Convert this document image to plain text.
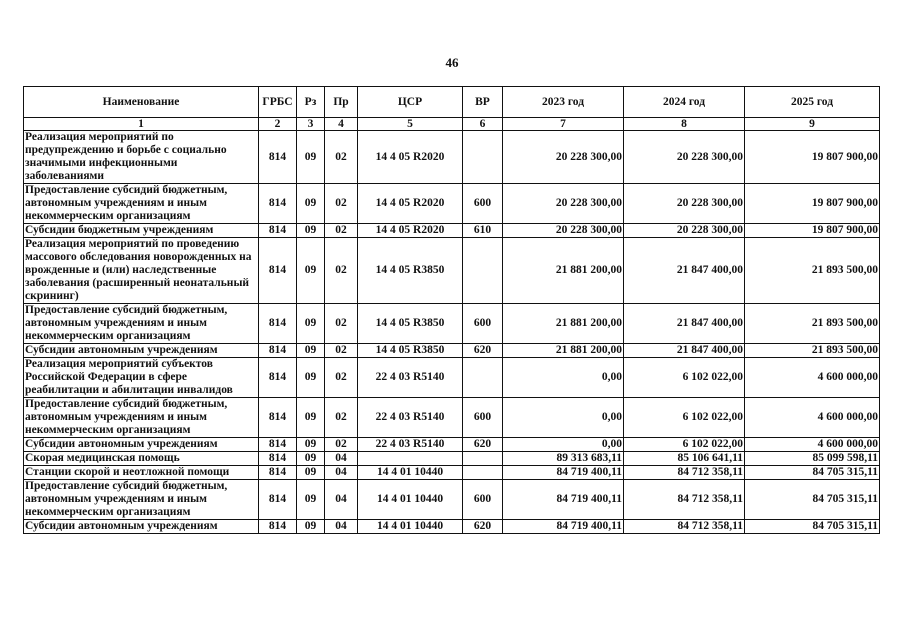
46
Наименование	ГРБС	Рз	Пр	ЦСР	ВР	2023 год	2024 год	2025 год
1	2	3	4	5	6	7	8	9
Реализация мероприятий по предупреждению и борьбе с социально значимыми инфекционными заболеваниями	814	09	02	14 4 05 R2020		20 228 300,00	20 228 300,00	19 807 900,00
Предоставление субсидий бюджетным, автономным учреждениям и иным некоммерческим организациям	814	09	02	14 4 05 R2020	600	20 228 300,00	20 228 300,00	19 807 900,00
Субсидии бюджетным учреждениям	814	09	02	14 4 05 R2020	610	20 228 300,00	20 228 300,00	19 807 900,00
Реализация мероприятий по проведению массового обследования новорожденных на врожденные и (или) наследственные заболевания (расширенный неонатальный скрининг)	814	09	02	14 4 05 R3850		21 881 200,00	21 847 400,00	21 893 500,00
Предоставление субсидий бюджетным, автономным учреждениям и иным некоммерческим организациям	814	09	02	14 4 05 R3850	600	21 881 200,00	21 847 400,00	21 893 500,00
Субсидии автономным учреждениям	814	09	02	14 4 05 R3850	620	21 881 200,00	21 847 400,00	21 893 500,00
Реализация мероприятий субъектов Российской Федерации в сфере реабилитации и абилитации инвалидов	814	09	02	22 4 03 R5140		0,00	6 102 022,00	4 600 000,00
Предоставление субсидий бюджетным, автономным учреждениям и иным некоммерческим организациям	814	09	02	22 4 03 R5140	600	0,00	6 102 022,00	4 600 000,00
Субсидии автономным учреждениям	814	09	02	22 4 03 R5140	620	0,00	6 102 022,00	4 600 000,00
Скорая медицинская помощь	814	09	04			89 313 683,11	85 106 641,11	85 099 598,11
Станции скорой и неотложной помощи	814	09	04	14 4 01 10440		84 719 400,11	84 712 358,11	84 705 315,11
Предоставление субсидий бюджетным, автономным учреждениям и иным некоммерческим организациям	814	09	04	14 4 01 10440	600	84 719 400,11	84 712 358,11	84 705 315,11
Субсидии автономным учреждениям	814	09	04	14 4 01 10440	620	84 719 400,11	84 712 358,11	84 705 315,11
